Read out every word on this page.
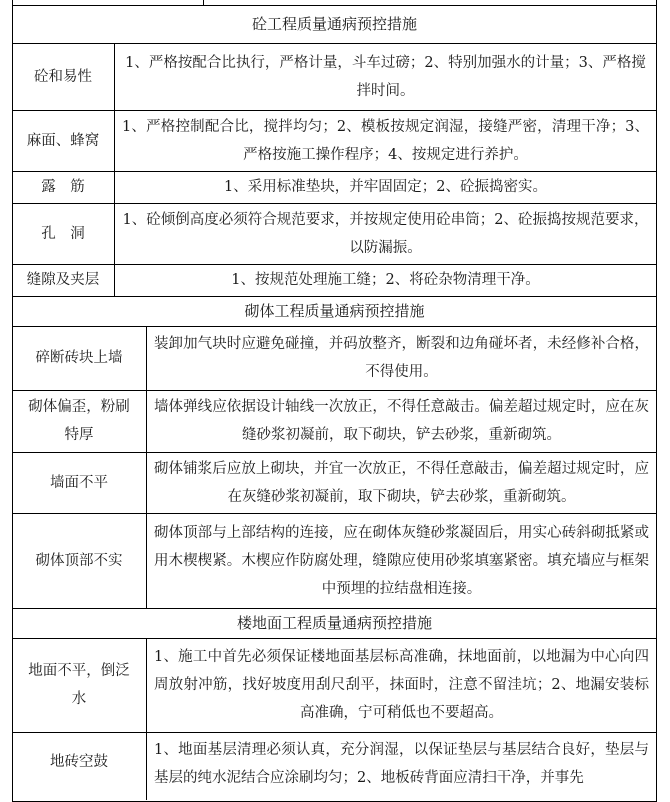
砼工程质量通病预控措施
砼和易性
1、严格按配合比执行，严格计量，斗车过磅；2、特别加强水的计量；3、严格搅拌时间。
麻面、蜂窝
1、严格控制配合比，搅拌均匀；2、模板按规定润湿，接缝严密，清理干净；3、严格按施工操作程序；4、按规定进行养护。
露　筋	1、采用标准垫块，并牢固固定；2、砼振捣密实。
孔　洞
1、砼倾倒高度必须符合规范要求，并按规定使用砼串筒；2、砼振捣按规范要求，以防漏振。
缝隙及夹层	1、按规范处理施工缝；2、将砼杂物清理干净。
砌体工程质量通病预控措施
碎断砖块上墙
装卸加气块时应避免碰撞，并码放整齐，断裂和边角碰坏者，未经修补合格，不得使用。
砌体偏歪，粉刷特厚
墙体弹线应依据设计轴线一次放正，不得任意敲击。偏差超过规定时，应在灰缝砂浆初凝前，取下砌块，铲去砂浆，重新砌筑。
墙面不平
砌体铺浆后应放上砌块，并宜一次放正，不得任意敲击，偏差超过规定时，应在灰缝砂浆初凝前，取下砌块，铲去砂浆，重新砌筑。
砌体顶部不实
砌体顶部与上部结构的连接，应在砌体灰缝砂浆凝固后，用实心砖斜砌抵紧或用木楔楔紧。木楔应作防腐处理，缝隙应使用砂浆填塞紧密。填充墙应与框架中预埋的拉结盘相连接。
楼地面工程质量通病预控措施
地面不平，倒泛水
1、施工中首先必须保证楼地面基层标高准确，抹地面前，以地漏为中心向四周放射冲筋，找好坡度用刮尺刮平，抹面时，注意不留洼坑；2、地漏安装标高准确，宁可稍低也不要超高。
地砖空鼓
1、地面基层清理必须认真，充分润湿，以保证垫层与基层结合良好，垫层与基层的纯水泥结合应涂刷均匀；2、地板砖背面应清扫干净，并事先
